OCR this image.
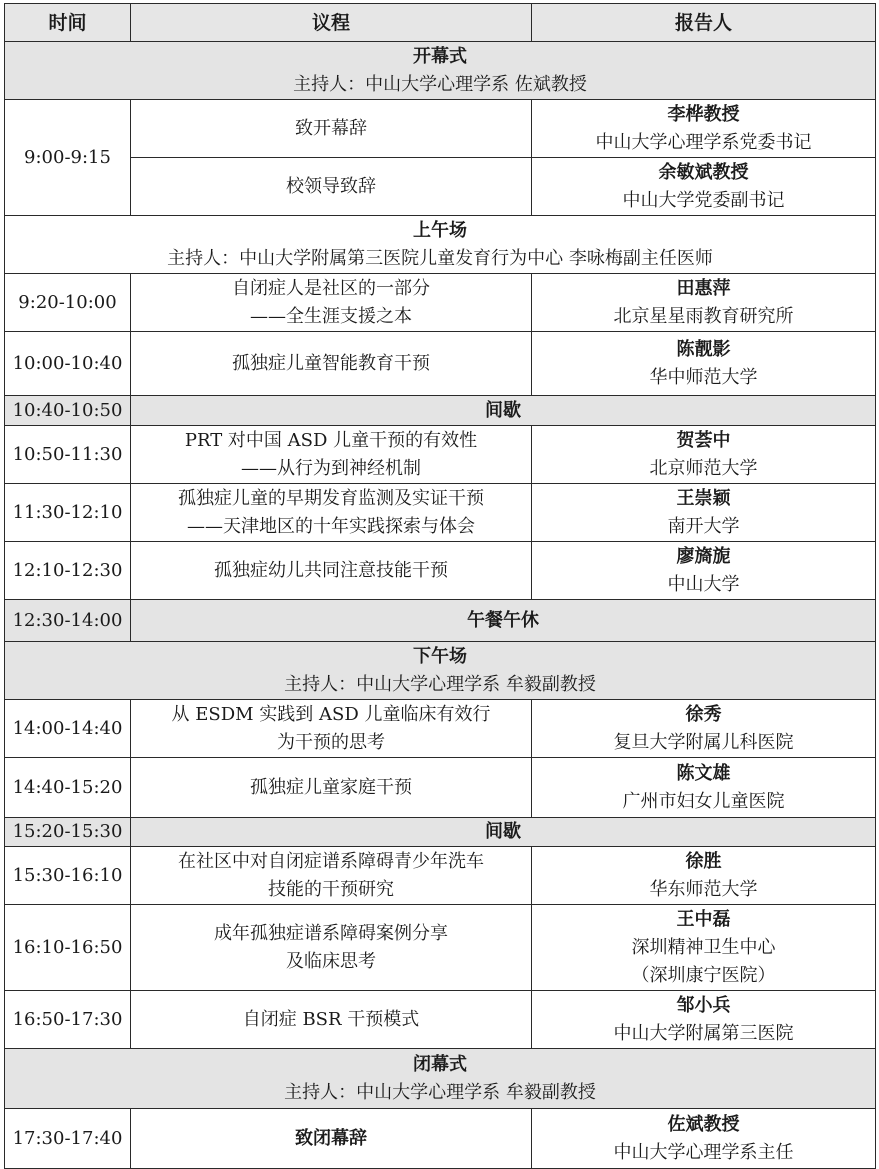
时间	议程	报告人

开幕式
主持人：中山大学心理学系 佐斌教授		

9:00-9:15	致开幕辞	李桦教授
中山大学心理学系党委书记

	校领导致辞	余敏斌教授
中山大学党委副书记

上午场
主持人：中山大学附属第三医院儿童发育行为中心 李咏梅副主任医师		

9:20-10:00	自闭症人是社区的一部分
——全生涯支援之本	田惠萍
北京星星雨教育研究所

10:00-10:40	孤独症儿童智能教育干预	陈靓影
华中师范大学

10:40-10:50	间歇	
10:50-11:30	PRT 对中国 ASD 儿童干预的有效性
——从行为到神经机制	贺荟中
北京师范大学

11:30-12:10	孤独症儿童的早期发育监测及实证干预
——天津地区的十年实践探索与体会	王崇颖
南开大学

12:10-12:30	孤独症幼儿共同注意技能干预	廖旖旎
中山大学

12:30-14:00	午餐午休	

下午场
主持人：中山大学心理学系 牟毅副教授		

14:00-14:40	从 ESDM 实践到 ASD 儿童临床有效行
为干预的思考	徐秀
复旦大学附属儿科医院

14:40-15:20	孤独症儿童家庭干预	陈文雄
广州市妇女儿童医院

15:20-15:30	间歇	
15:30-16:10	在社区中对自闭症谱系障碍青少年洗车
技能的干预研究	徐胜
华东师范大学

16:10-16:50	成年孤独症谱系障碍案例分享
及临床思考	王中磊
深圳精神卫生中心
（深圳康宁医院）

16:50-17:30	自闭症 BSR 干预模式	邹小兵
中山大学附属第三医院

闭幕式
主持人：中山大学心理学系 牟毅副教授		

17:30-17:40	致闭幕辞	佐斌教授
中山大学心理学系主任
